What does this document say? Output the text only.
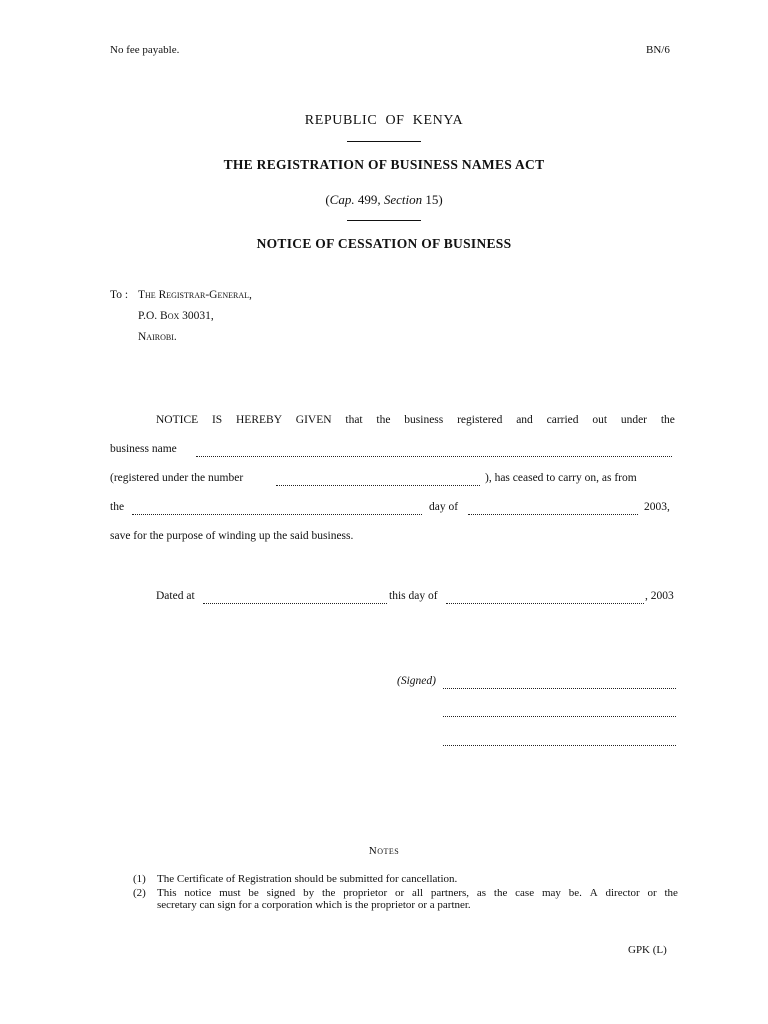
No fee payable.	BN/6
REPUBLIC  OF  KENYA
THE REGISTRATION OF BUSINESS NAMES ACT
(Cap. 499, Section 15)
NOTICE OF CESSATION OF BUSINESS
To : The Registrar-General,
P.O. Box 30031,
Nairobi.
NOTICE IS HEREBY GIVEN that the business registered and carried out under the
business name
(registered under the number	), has ceased to carry on, as from
the	day of	2003,
save for the purpose of winding up the said business.
Dated at	this day of	, 2003
(Signed)
Notes
(1)	The Certificate of Registration should be submitted for cancellation.
(2)	This notice must be signed by the proprietor or all partners, as the case may be. A director or the
secretary can sign for a corporation which is the proprietor or a partner.
GPK (L)
